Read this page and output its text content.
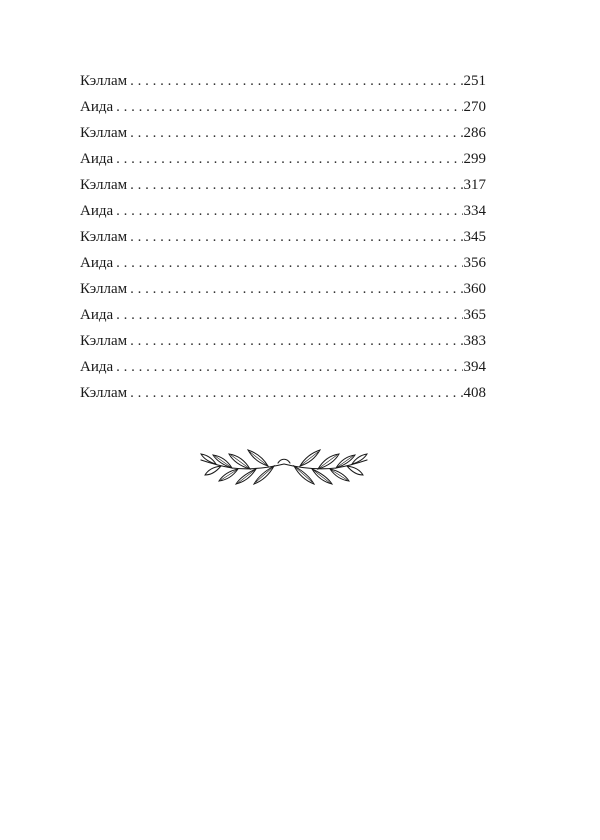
Кэллам . . .	251
Аида . . .	270
Кэллам . . .	286
Аида . . .	299
Кэллам . . .	317
Аида . . .	334
Кэллам . . .	345
Аида . . .	356
Кэллам . . .	360
Аида . . .	365
Кэллам . . .	383
Аида . . .	394
Кэллам . . .	408
